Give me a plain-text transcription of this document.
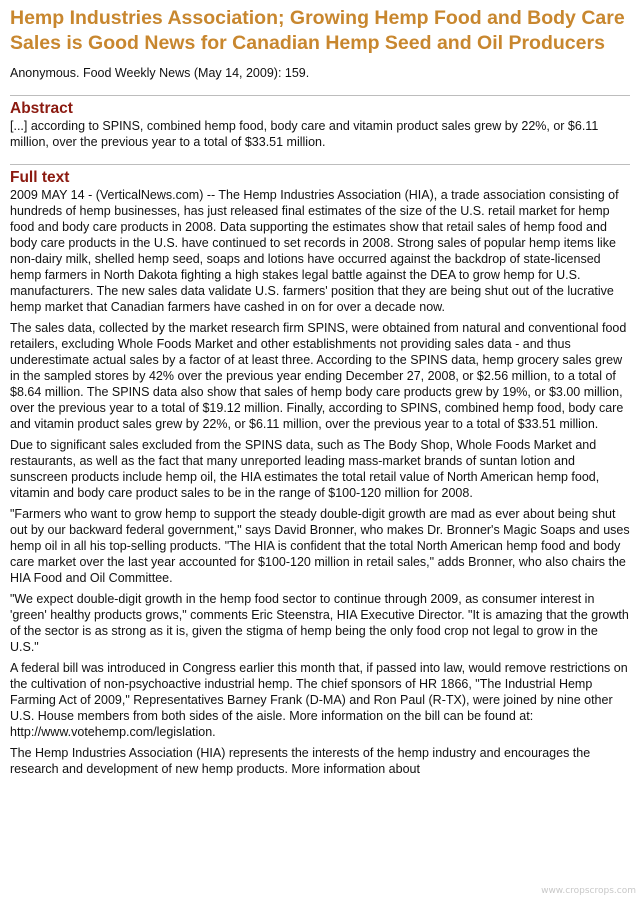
Hemp Industries Association; Growing Hemp Food and Body Care Sales is Good News for Canadian Hemp Seed and Oil Producers
Anonymous. Food Weekly News (May 14, 2009): 159.
Abstract

[...] according to SPINS, combined hemp food, body care and vitamin product sales grew by 22%, or $6.11 million, over the previous year to a total of $33.51 million.

Full text

2009 MAY 14 - (VerticalNews.com) -- The Hemp Industries Association (HIA), a trade association consisting of hundreds of hemp businesses, has just released final estimates of the size of the U.S. retail market for hemp food and body care products in 2008. Data supporting the estimates show that retail sales of hemp food and body care products in the U.S. have continued to set records in 2008. Strong sales of popular hemp items like non-dairy milk, shelled hemp seed, soaps and lotions have occurred against the backdrop of state-licensed hemp farmers in North Dakota fighting a high stakes legal battle against the DEA to grow hemp for U.S. manufacturers. The new sales data validate U.S. farmers' position that they are being shut out of the lucrative hemp market that Canadian farmers have cashed in on for over a decade now.

The sales data, collected by the market research firm SPINS, were obtained from natural and conventional food retailers, excluding Whole Foods Market and other establishments not providing sales data - and thus underestimate actual sales by a factor of at least three. According to the SPINS data, hemp grocery sales grew in the sampled stores by 42% over the previous year ending December 27, 2008, or $2.56 million, to a total of $8.64 million. The SPINS data also show that sales of hemp body care products grew by 19%, or $3.00 million, over the previous year to a total of $19.12 million. Finally, according to SPINS, combined hemp food, body care and vitamin product sales grew by 22%, or $6.11 million, over the previous year to a total of $33.51 million.

Due to significant sales excluded from the SPINS data, such as The Body Shop, Whole Foods Market and restaurants, as well as the fact that many unreported leading mass-market brands of suntan lotion and sunscreen products include hemp oil, the HIA estimates the total retail value of North American hemp food, vitamin and body care product sales to be in the range of $100-120 million for 2008.

"Farmers who want to grow hemp to support the steady double-digit growth are mad as ever about being shut out by our backward federal government," says David Bronner, who makes Dr. Bronner's Magic Soaps and uses hemp oil in all his top-selling products. "The HIA is confident that the total North American hemp food and body care market over the last year accounted for $100-120 million in retail sales," adds Bronner, who also chairs the HIA Food and Oil Committee.

"We expect double-digit growth in the hemp food sector to continue through 2009, as consumer interest in 'green' healthy products grows," comments Eric Steenstra, HIA Executive Director. "It is amazing that the growth of the sector is as strong as it is, given the stigma of hemp being the only food crop not legal to grow in the U.S."

A federal bill was introduced in Congress earlier this month that, if passed into law, would remove restrictions on the cultivation of non-psychoactive industrial hemp. The chief sponsors of HR 1866, "The Industrial Hemp Farming Act of 2009," Representatives Barney Frank (D-MA) and Ron Paul (R-TX), were joined by nine other U.S. House members from both sides of the aisle. More information on the bill can be found at: http://www.votehemp.com/legislation.

The Hemp Industries Association (HIA) represents the interests of the hemp industry and encourages the research and development of new hemp products. More information about

www.cropscrops.com
